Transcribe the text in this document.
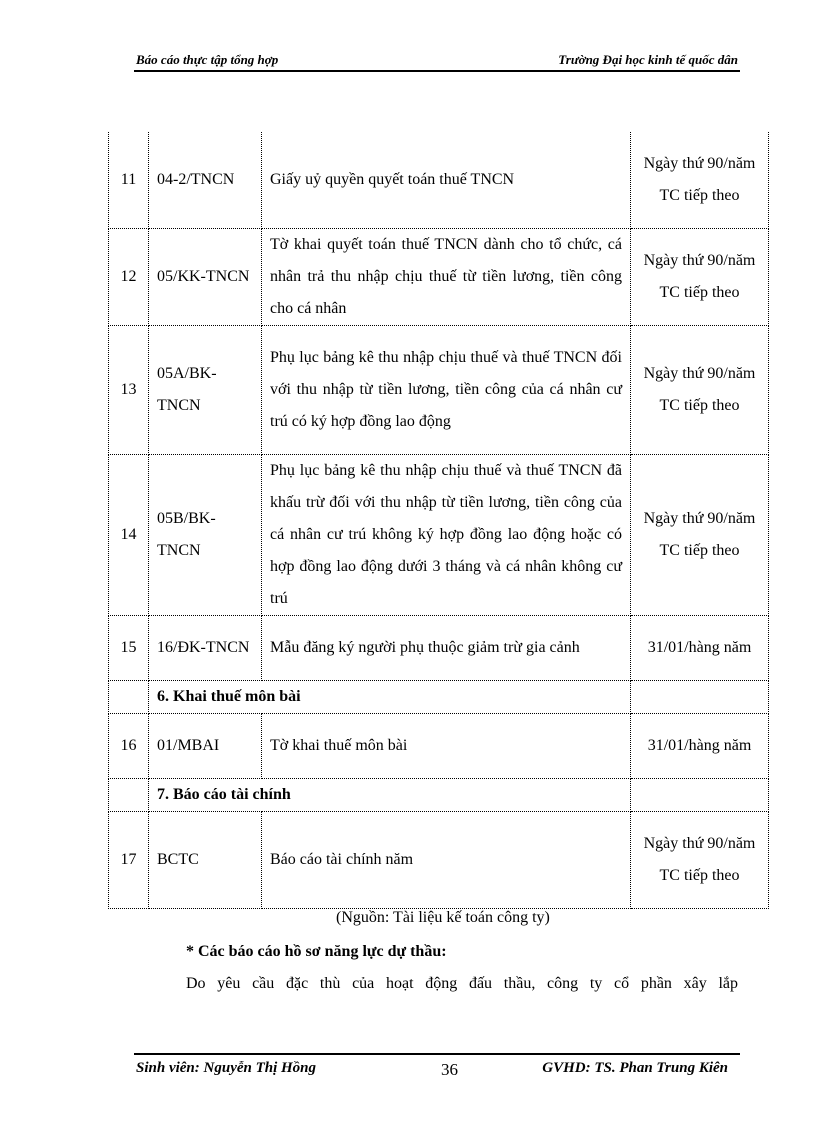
Báo cáo thực tập tổng hợp	Trường Đại học kinh tế quốc dân
11	04-2/TNCN	Giấy uỷ quyền quyết toán thuế TNCN	Ngày thứ 90/năm TC tiếp theo
12	05/KK-TNCN	Tờ khai quyết toán thuế TNCN dành cho tổ chức, cá nhân trả thu nhập chịu thuế từ tiền lương, tiền công cho cá nhân	Ngày thứ 90/năm TC tiếp theo
13	05A/BK-TNCN	Phụ lục bảng kê thu nhập chịu thuế và thuế TNCN đối với thu nhập từ tiền lương, tiền công của cá nhân cư trú có ký hợp đồng lao động	Ngày thứ 90/năm TC tiếp theo
14	05B/BK-TNCN	Phụ lục bảng kê thu nhập chịu thuế và thuế TNCN đã khấu trừ đối với thu nhập từ tiền lương, tiền công của cá nhân cư trú không ký hợp đồng lao động hoặc có hợp đồng lao động dưới 3 tháng và cá nhân không cư trú	Ngày thứ 90/năm TC tiếp theo
15	16/ĐK-TNCN	Mẫu đăng ký người phụ thuộc giảm trừ gia cảnh	31/01/hàng năm
	6. Khai thuế môn bài		
16	01/MBAI	Tờ khai thuế môn bài	31/01/hàng năm
	7. Báo cáo tài chính		
17	BCTC	Báo cáo tài chính năm	Ngày thứ 90/năm TC tiếp theo
(Nguồn: Tài liệu kế toán công ty)
* Các báo cáo hồ sơ năng lực dự thầu:
Do yêu cầu đặc thù của hoạt động đấu thầu, công ty cổ phần xây lắp
Sinh viên: Nguyễn Thị Hồng	36	GVHD: TS. Phan Trung Kiên
